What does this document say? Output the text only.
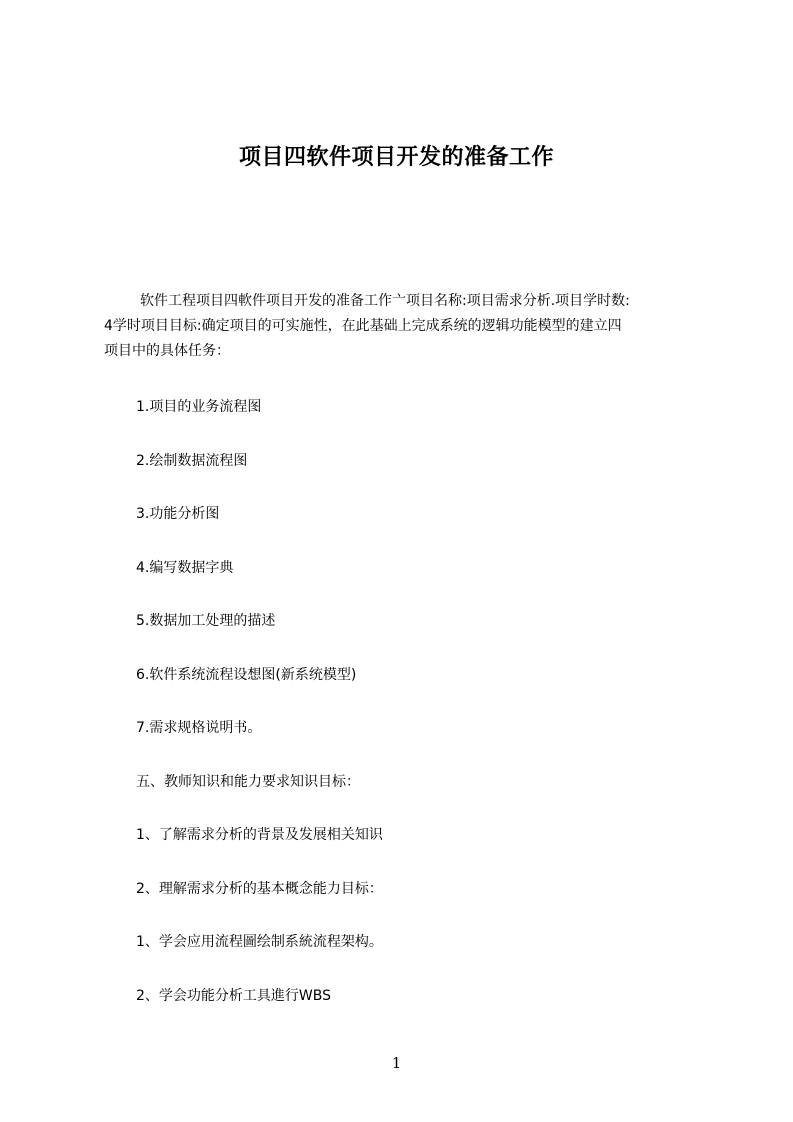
项目四软件项目开发的准备工作

软件工程项目四軟件项目开发的准备工作亠项目名称:项目需求分析.项目学时数:
4学时项目目标:确定项目的可实施性，在此基础上完成系统的逻辑功能模型的建立四
项目中的具体任务：

1.项目的业务流程图
2.绘制数据流程图
3.功能分析图
4.编写数据字典
5.数据加工处理的描述
6.软件系统流程设想图(新系统模型)
7.需求规格说明书。
五、教师知识和能力要求知识目标：
1、了解需求分析的背景及发展相关知识
2、理解需求分析的基本概念能力目标：
1、学会应用流程圖绘制系統流程架构。
2、学会功能分析工具進行WBS
1
